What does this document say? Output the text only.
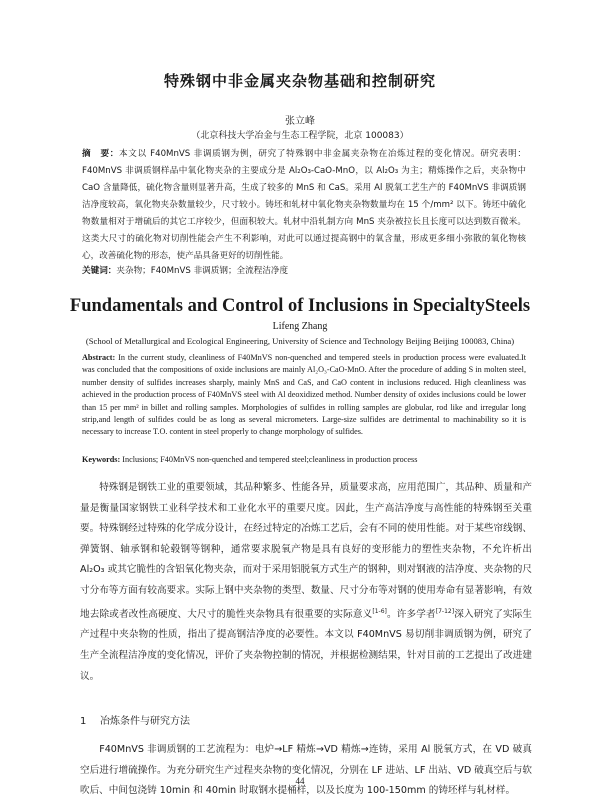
特殊钢中非金属夹杂物基础和控制研究
张立峰
（北京科技大学冶金与生态工程学院，北京 100083）
摘　要：本文以 F40MnVS 非调质钢为例，研究了特殊钢中非金属夹杂物在冶炼过程的变化情况。研究表明：F40MnVS 非调质钢样品中氧化物夹杂的主要成分是 Al₂O₃-CaO-MnO，以 Al₂O₃ 为主；精炼操作之后，夹杂物中 CaO 含量降低，硫化物含量则显著升高，生成了较多的 MnS 和 CaS。采用 Al 脱氧工艺生产的 F40MnVS 非调质钢洁净度较高，氧化物夹杂数量较少，尺寸较小。铸坯和轧材中氧化物夹杂物数量均在 15 个/mm² 以下。铸坯中硫化物数量相对于增硫后的其它工序较少，但面积较大。轧材中沿轧制方向 MnS 夹杂被拉长且长度可以达到数百微米。这类大尺寸的硫化物对切削性能会产生不利影响，对此可以通过提高钢中的氧含量，形成更多细小弥散的氧化物核心，改善硫化物的形态，使产品具备更好的切削性能。
关键词：夹杂物；F40MnVS 非调质钢；全流程洁净度
Fundamentals and Control of Inclusions in SpecialtySteels
Lifeng Zhang
(School of Metallurgical and Ecological Engineering, University of Science and Technology Beijing Beijing 100083, China)
Abstract: In the current study, cleanliness of F40MnVS non-quenched and tempered steels in production process were evaluated.It was concluded that the compositions of oxide inclusions are mainly Al₂O₃-CaO-MnO. After the procedure of adding S in molten steel, number density of sulfides increases sharply, mainly MnS and CaS, and CaO content in inclusions reduced. High cleanliness was achieved in the production process of F40MnVS steel with Al deoxidized method. Number density of oxides inclusions could be lower than 15 per mm² in billet and rolling samples. Morphologies of sulfides in rolling samples are globular, rod like and irregular long strip,and length of sulfides could be as long as several micrometers. Large-size sulfides are detrimental to machinability so it is necessary to increase T.O. content in steel properly to change morphology of sulfides.
Keywords: Inclusions; F40MnVS non-quenched and tempered steel;cleanliness in production process
特殊钢是钢铁工业的重要领域，其品种繁多、性能各异，质量要求高，应用范围广，其品种、质量和产量是衡量国家钢铁工业科学技术和工业化水平的重要尺度。因此，生产高洁净度与高性能的特殊钢至关重要。特殊钢经过特殊的化学成分设计，在经过特定的冶炼工艺后，会有不同的使用性能。对于某些帘线钢、弹簧钢、轴承钢和轮毂钢等钢种，通常要求脱氧产物是具有良好的变形能力的塑性夹杂物，不允许析出 Al₂O₃ 或其它脆性的含铝氧化物夹杂，而对于采用铝脱氧方式生产的钢种，则对钢液的洁净度、夹杂物的尺寸分布等方面有较高要求。实际上钢中夹杂物的类型、数量、尺寸分布等对钢的使用寿命有显著影响，有效地去除或者改性高硬度、大尺寸的脆性夹杂物具有很重要的实际意义[1-6]。许多学者[7-12]深入研究了实际生产过程中夹杂物的性质，指出了提高钢洁净度的必要性。本文以 F40MnVS 易切削非调质钢为例，研究了生产全流程洁净度的变化情况，评价了夹杂物控制的情况，并根据检测结果，针对目前的工艺提出了改进建议。
1 冶炼条件与研究方法
F40MnVS 非调质钢的工艺流程为：电炉→LF 精炼→VD 精炼→连铸，采用 Al 脱氧方式，在 VD 破真空后进行增硫操作。为充分研究生产过程夹杂物的变化情况，分别在 LF 进站、LF 出站、VD 破真空后与软吹后、中间包浇铸 10min 和 40min 时取钢水提桶样，以及长度为 100-150mm 的铸坯样与轧材样。
44
